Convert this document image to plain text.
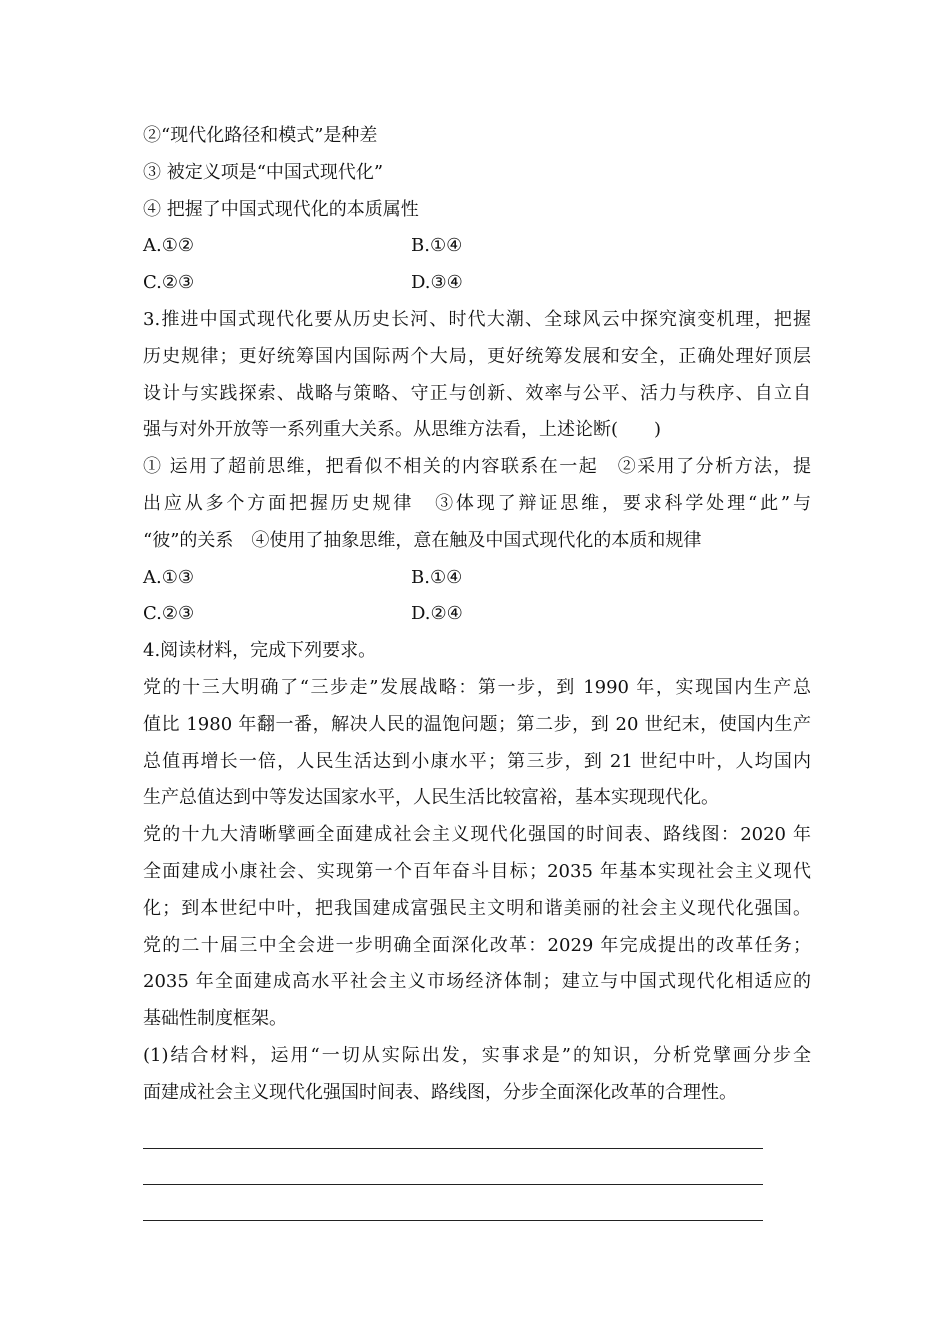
②“现代化路径和模式”是种差
③ 被定义项是“中国式现代化”
④ 把握了中国式现代化的本质属性
A.①②	B.①④
C.②③	D.③④
3.推进中国式现代化要从历史长河、时代大潮、全球风云中探究演变机理，把握
历史规律；更好统筹国内国际两个大局，更好统筹发展和安全，正确处理好顶层
设计与实践探索、战略与策略、守正与创新、效率与公平、活力与秩序、自立自
强与对外开放等一系列重大关系。从思维方法看，上述论断(　　)
① 运用了超前思维，把看似不相关的内容联系在一起　②采用了分析方法，提
出应从多个方面把握历史规律　③体现了辩证思维，要求科学处理“此”与
“彼”的关系　④使用了抽象思维，意在触及中国式现代化的本质和规律
A.①③	B.①④
C.②③	D.②④
4.阅读材料，完成下列要求。
党的十三大明确了“三步走”发展战略：第一步，到 1990 年，实现国内生产总
值比 1980 年翻一番，解决人民的温饱问题；第二步，到 20 世纪末，使国内生产
总值再增长一倍，人民生活达到小康水平；第三步，到 21 世纪中叶，人均国内
生产总值达到中等发达国家水平，人民生活比较富裕，基本实现现代化。
党的十九大清晰擘画全面建成社会主义现代化强国的时间表、路线图：2020 年
全面建成小康社会、实现第一个百年奋斗目标；2035 年基本实现社会主义现代
化；到本世纪中叶，把我国建成富强民主文明和谐美丽的社会主义现代化强国。
党的二十届三中全会进一步明确全面深化改革：2029 年完成提出的改革任务；
2035 年全面建成高水平社会主义市场经济体制；建立与中国式现代化相适应的
基础性制度框架。
(1)结合材料，运用“一切从实际出发，实事求是”的知识，分析党擘画分步全
面建成社会主义现代化强国时间表、路线图，分步全面深化改革的合理性。
